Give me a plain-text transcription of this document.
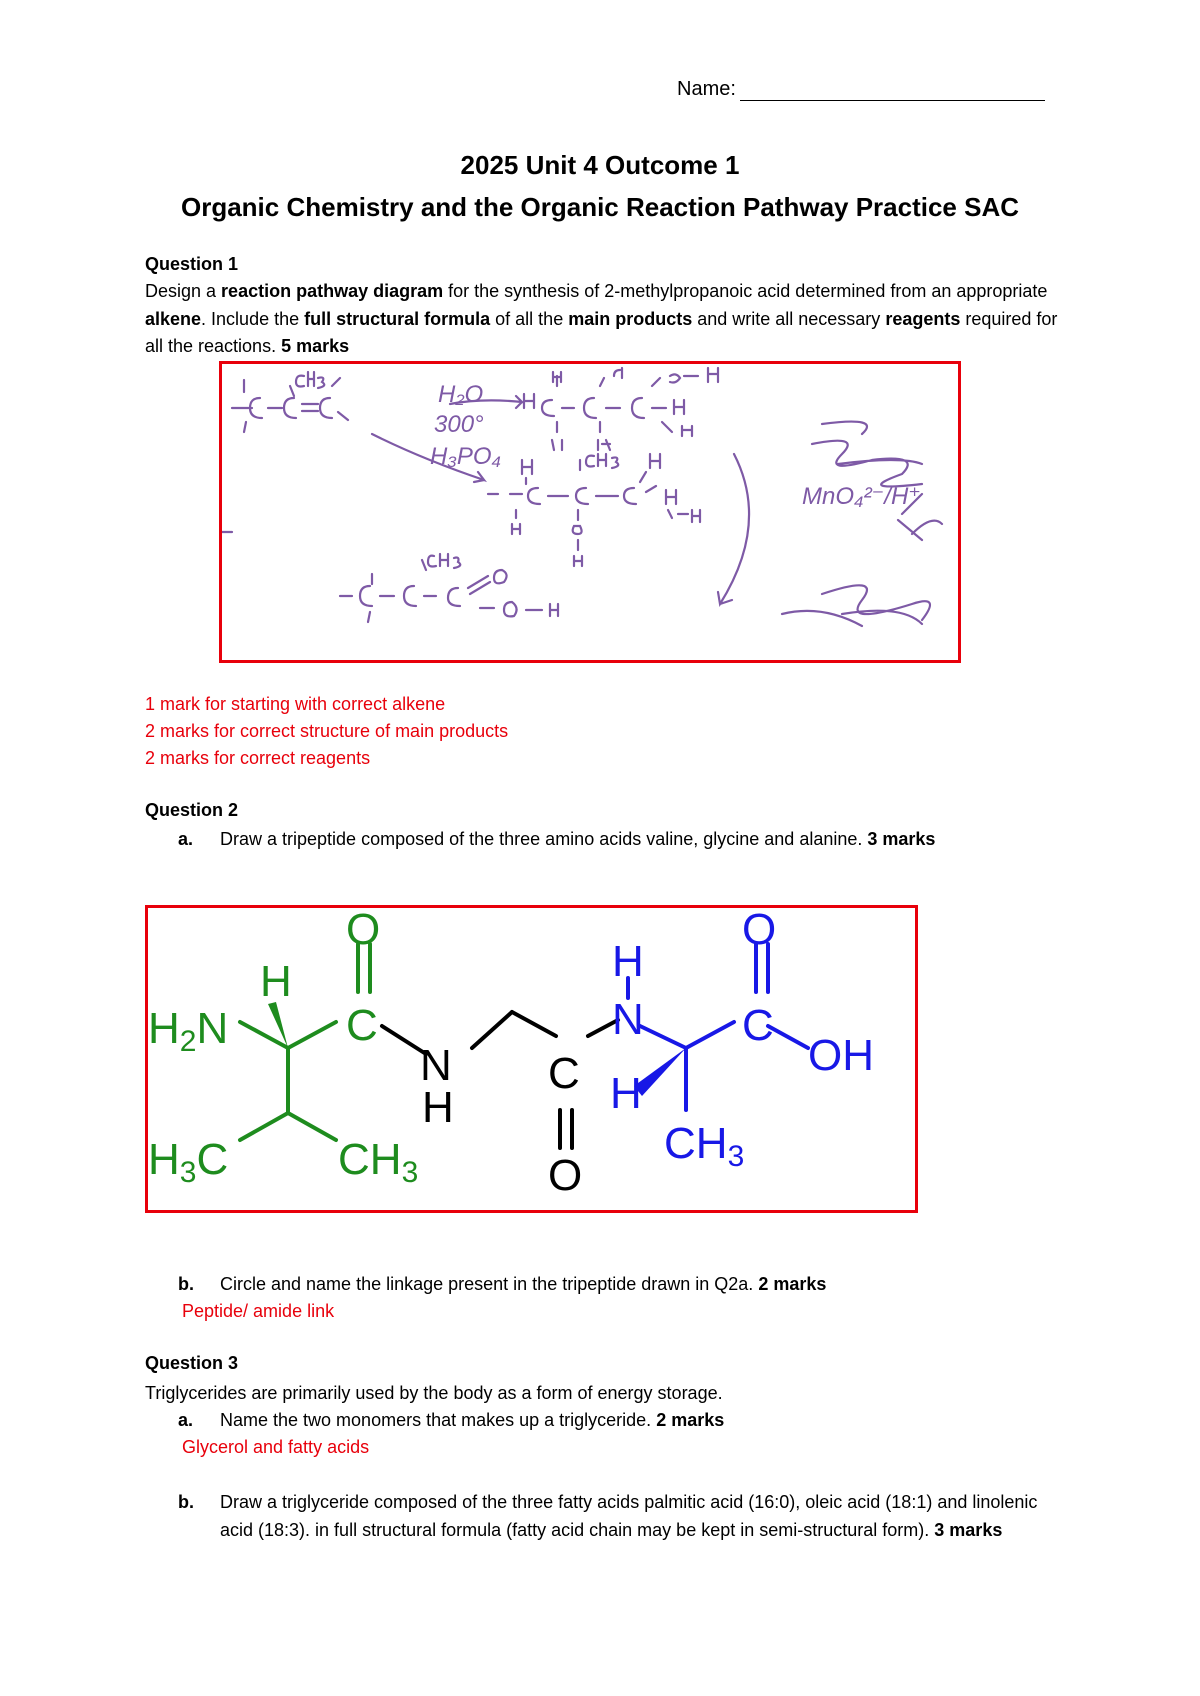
Name:
2025 Unit 4 Outcome 1
Organic Chemistry and the Organic Reaction Pathway Practice SAC
Question 1
Design a reaction pathway diagram for the synthesis of 2-methylpropanoic acid determined from an appropriate alkene. Include the full structural formula of all the main products and write all necessary reagents required for all the reactions. 5 marks
H₂O
300°
H₃PO₄
MnO₄²⁻/H⁺
1 mark for starting with correct alkene
2 marks for correct structure of main products
2 marks for correct reagents
Question 2
a.	Draw a tripeptide composed of the three amino acids valine, glycine and alanine. 3 marks
H2N
H
C
O
H3C CH3
N
H
C
O
H
N
H
C
O
OH
CH3
b.	Circle and name the linkage present in the tripeptide drawn in Q2a. 2 marks
Peptide/ amide link
Question 3
Triglycerides are primarily used by the body as a form of energy storage.
a.	Name the two monomers that makes up a triglyceride. 2 marks
Glycerol and fatty acids
b.	Draw a triglyceride composed of the three fatty acids palmitic acid (16:0), oleic acid (18:1) and linolenic acid (18:3). in full structural formula (fatty acid chain may be kept in semi-structural form). 3 marks
